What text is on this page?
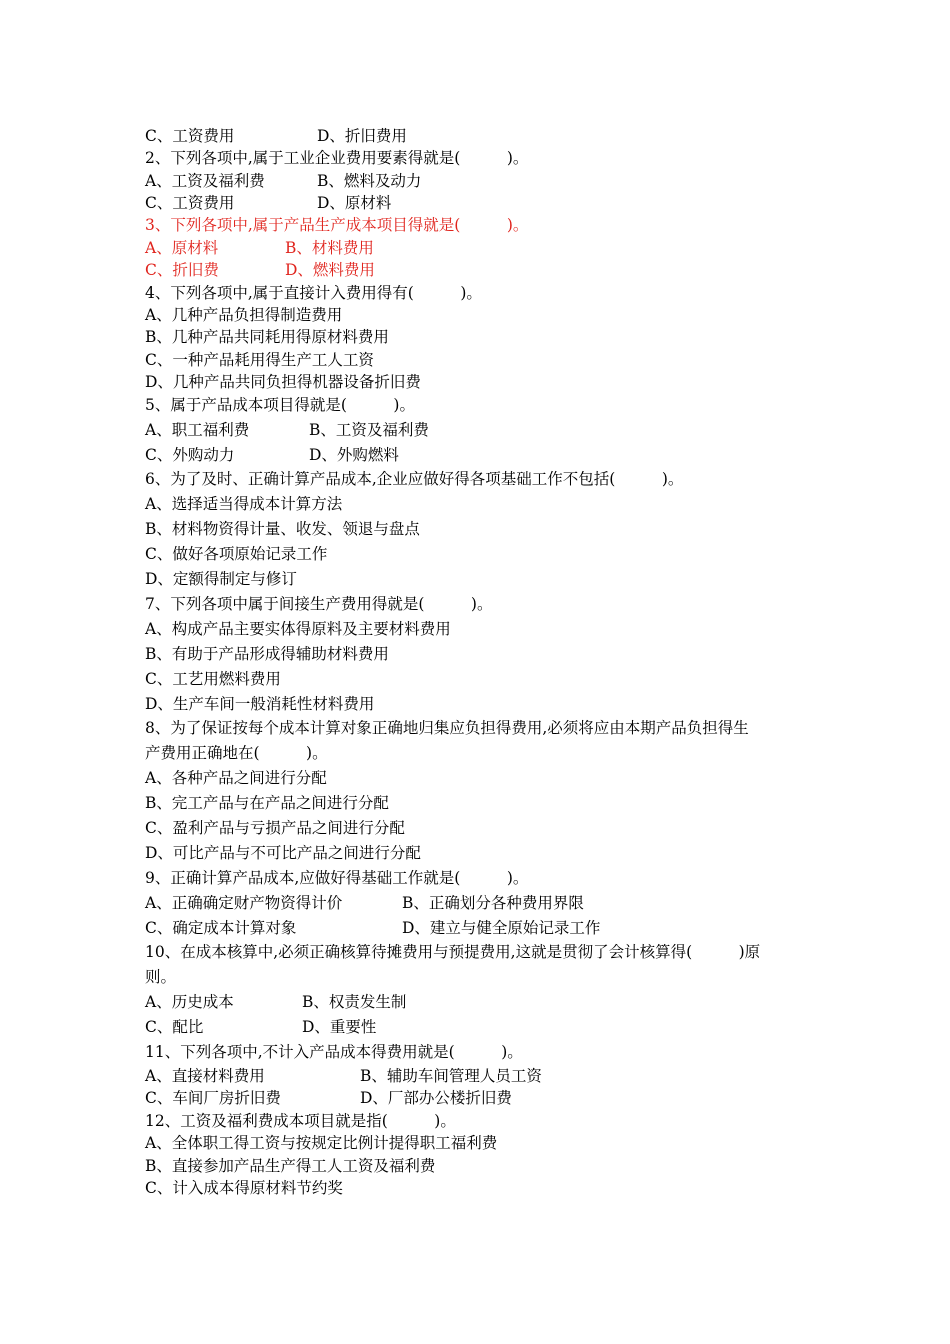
C、工资费用	D、折旧费用
2、下列各项中,属于工业企业费用要素得就是(　　　)。
A、工资及福利费	B、燃料及动力
C、工资费用	D、原材料
3、下列各项中,属于产品生产成本项目得就是(　　　)。
A、原材料	B、材料费用
C、折旧费	D、燃料费用
4、下列各项中,属于直接计入费用得有(　　　)。
A、几种产品负担得制造费用
B、几种产品共同耗用得原材料费用
C、一种产品耗用得生产工人工资
D、几种产品共同负担得机器设备折旧费
5、属于产品成本项目得就是(　　　)。
A、职工福利费	B、工资及福利费
C、外购动力	D、外购燃料
6、为了及时、正确计算产品成本,企业应做好得各项基础工作不包括(　　　)。
A、选择适当得成本计算方法
B、材料物资得计量、收发、领退与盘点
C、做好各项原始记录工作
D、定额得制定与修订
7、下列各项中属于间接生产费用得就是(　　　)。
A、构成产品主要实体得原料及主要材料费用
B、有助于产品形成得辅助材料费用
C、工艺用燃料费用
D、生产车间一般消耗性材料费用
8、为了保证按每个成本计算对象正确地归集应负担得费用,必须将应由本期产品负担得生
产费用正确地在(　　　)。
A、各种产品之间进行分配
B、完工产品与在产品之间进行分配
C、盈利产品与亏损产品之间进行分配
D、可比产品与不可比产品之间进行分配
9、正确计算产品成本,应做好得基础工作就是(　　　)。
A、正确确定财产物资得计价	B、正确划分各种费用界限
C、确定成本计算对象	D、建立与健全原始记录工作
10、在成本核算中,必须正确核算待摊费用与预提费用,这就是贯彻了会计核算得(　　　)原
则。
A、历史成本	B、权责发生制
C、配比	D、重要性
11、下列各项中,不计入产品成本得费用就是(　　　)。
A、直接材料费用	B、辅助车间管理人员工资
C、车间厂房折旧费	D、厂部办公楼折旧费
12、工资及福利费成本项目就是指(　　　)。
A、全体职工得工资与按规定比例计提得职工福利费
B、直接参加产品生产得工人工资及福利费
C、计入成本得原材料节约奖
